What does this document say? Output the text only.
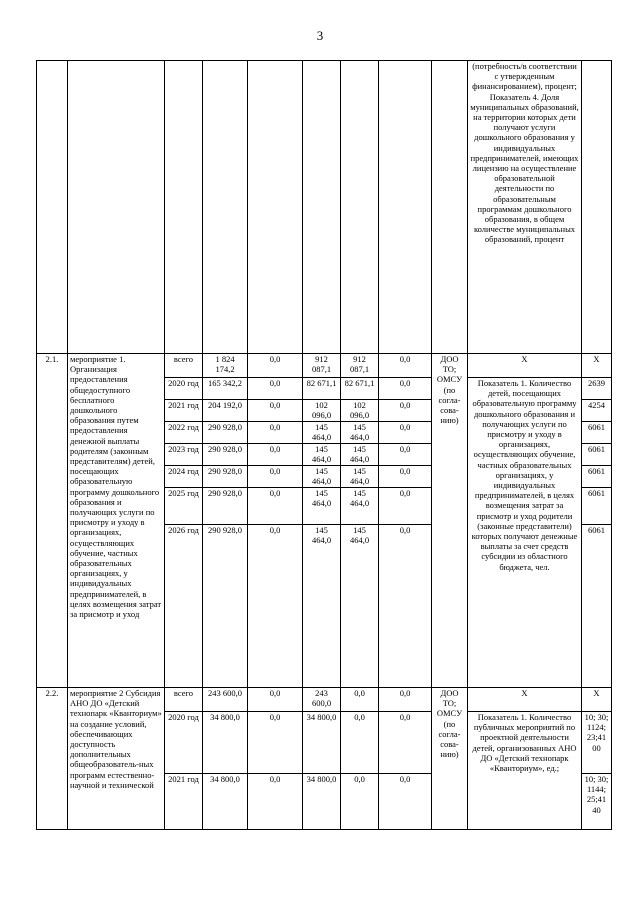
3
									(потребность/в соответствии с утвержденным финансированием), процент; Показатель 4. Доля муниципальных образований, на территории которых дети получают услуги дошкольного образования у индивидуальных предпринимателей, имеющих лицензию на осуществление образовательной деятельности по образовательным программам дошкольного образования, в общем количестве муниципальных образований, процент	
2.1.	мероприятие 1. Организация предоставления общедоступного бесплатного дошкольного образования путем предоставления денежной выплаты родителям (законным представителям) детей, посещающих образовательную программу дошкольного образования и получающих услуги по присмотру и уходу в организациях, осуществляющих обучение, частных образовательных организациях, у индивидуальных предпринимателей, в целях возмещения затрат за присмотр и уход	всего	1 824 174,2	0,0	912 087,1	912 087,1	0,0	ДОО ТО; ОМСУ (по согла-сова-нию)	Х	Х
		2020 год	165 342,2	0,0	82 671,1	82 671,1	0,0		Показатель 1. Количество детей, посещающих образовательную программу дошкольного образования и получающих услуги по присмотру и уходу в организациях, осуществляющих обучение, частных образовательных организациях, у индивидуальных предпринимателей, в целях возмещения затрат за присмотр и уход родители (законные представители) которых получают денежные выплаты за счет средств субсидии из областного бюджета, чел.	2639
		2021 год	204 192,0	0,0	102 096,0	102 096,0	0,0			4254
		2022 год	290 928,0	0,0	145 464,0	145 464,0	0,0			6061
		2023 год	290 928,0	0,0	145 464,0	145 464,0	0,0			6061
		2024 год	290 928,0	0,0	145 464,0	145 464,0	0,0			6061
		2025 год	290 928,0	0,0	145 464,0	145 464,0	0,0			6061
		2026 год	290 928,0	0,0	145 464,0	145 464,0	0,0			6061
2.2.	мероприятие 2 Субсидия АНО ДО «Детский технопарк «Кванториум» на создание условий, обеспечивающих доступность дополнительных общеобразователь-ных программ естественно-научной и технической	всего	243 600,0	0,0	243 600,0	0,0	0,0	ДОО ТО; ОМСУ (по согла-сова-нию)	Х	Х
		2020 год	34 800,0	0,0	34 800,0	0,0	0,0		Показатель 1. Количество публичных мероприятий по проектной деятельности детей, организованных АНО ДО «Детский технопарк «Кванториум», ед.;	10; 30; 1124; 23;41 00
		2021 год	34 800,0	0,0	34 800,0	0,0	0,0			10; 30; 1144; 25;41 40
